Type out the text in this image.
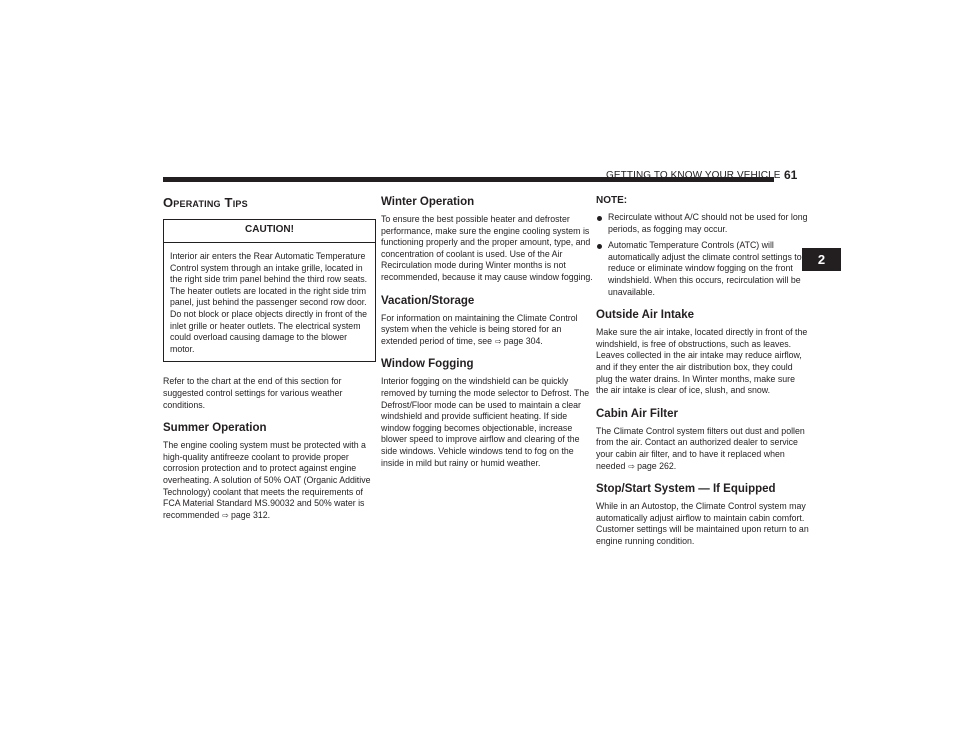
GETTING TO KNOW YOUR VEHICLE 61
2
Operating Tips
CAUTION!
Interior air enters the Rear Automatic Temperature Control system through an intake grille, located in the right side trim panel behind the third row seats. The heater outlets are located in the right side trim panel, just behind the passenger second row door. Do not block or place objects directly in front of the inlet grille or heater outlets. The electrical system could overload causing damage to the blower motor.

Refer to the chart at the end of this section for suggested control settings for various weather conditions.

Summer Operation

The engine cooling system must be protected with a high-quality antifreeze coolant to provide proper corrosion protection and to protect against engine overheating. A solution of 50% OAT (Organic Additive Technology) coolant that meets the requirements of FCA Material Standard MS.90032 and 50% water is recommended ⇨ page 312.

Winter Operation

To ensure the best possible heater and defroster performance, make sure the engine cooling system is functioning properly and the proper amount, type, and concentration of coolant is used. Use of the Air Recirculation mode during Winter months is not recommended, because it may cause window fogging.

Vacation/Storage

For information on maintaining the Climate Control system when the vehicle is being stored for an extended period of time, see ⇨ page 304.

Window Fogging

Interior fogging on the windshield can be quickly removed by turning the mode selector to Defrost. The Defrost/Floor mode can be used to maintain a clear windshield and provide sufficient heating. If side window fogging becomes objectionable, increase blower speed to improve airflow and clearing of the side windows. Vehicle windows tend to fog on the inside in mild but rainy or humid weather.

NOTE:
Recirculate without A/C should not be used for long periods, as fogging may occur.
Automatic Temperature Controls (ATC) will automatically adjust the climate control settings to reduce or eliminate window fogging on the front windshield. When this occurs, recirculation will be unavailable.
Outside Air Intake

Make sure the air intake, located directly in front of the windshield, is free of obstructions, such as leaves. Leaves collected in the air intake may reduce airflow, and if they enter the air distribution box, they could plug the water drains. In Winter months, make sure the air intake is clear of ice, slush, and snow.

Cabin Air Filter

The Climate Control system filters out dust and pollen from the air. Contact an authorized dealer to service your cabin air filter, and to have it replaced when needed ⇨ page 262.

Stop/Start System — If Equipped

While in an Autostop, the Climate Control system may automatically adjust airflow to maintain cabin comfort. Customer settings will be maintained upon return to an engine running condition.
